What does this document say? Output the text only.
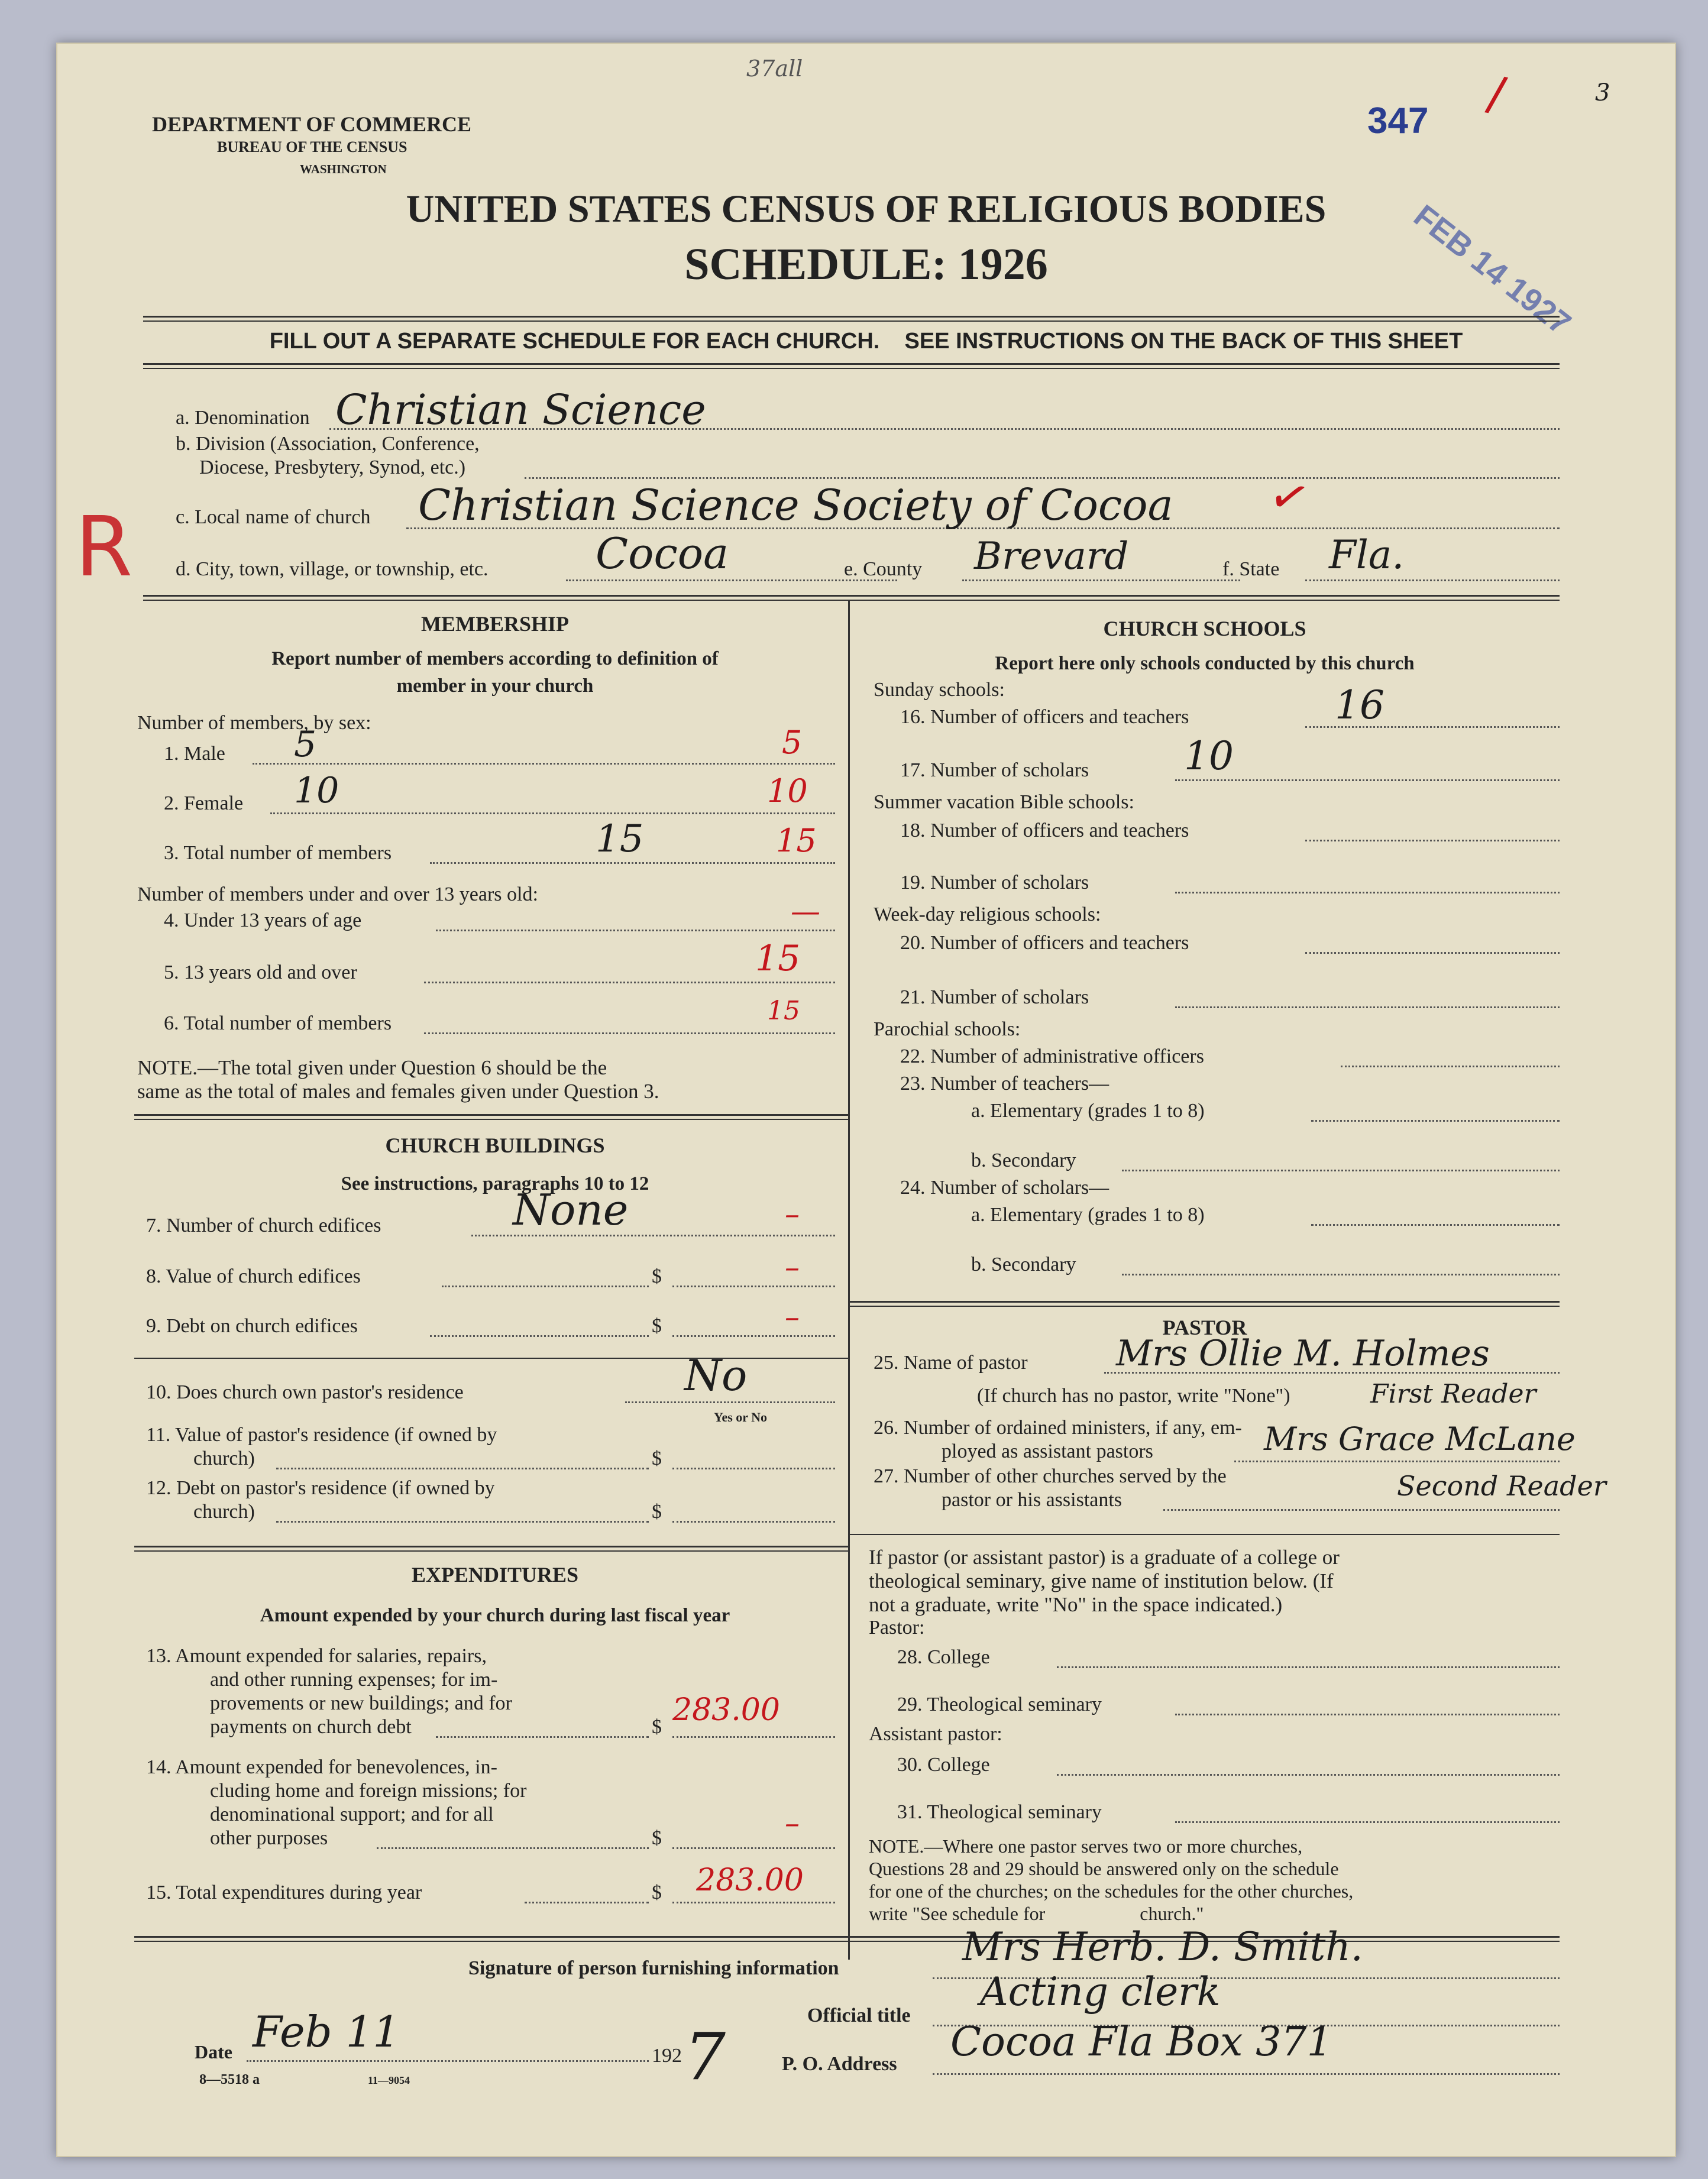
37all
347 /	3
FEB 14 1927
R
DEPARTMENT OF COMMERCE
BUREAU OF THE CENSUS
WASHINGTON
UNITED STATES CENSUS OF RELIGIOUS BODIES
SCHEDULE: 1926
FILL OUT A SEPARATE SCHEDULE FOR EACH CHURCH.    SEE INSTRUCTIONS ON THE BACK OF THIS SHEET
a. Denomination Christian Science
b. Division (Association, Conference,
Diocese, Presbytery, Synod, etc.)
c. Local name of church Christian Science Society of Cocoa ✓
d. City, town, village, or township, etc.	Cocoa	e. County Brevard	f. State Fla.
MEMBERSHIP
Report number of members according to definition of
member in your church
Number of members, by sex:
1. Male 5	5
2. Female 10	10
3. Total number of members	15	15
Number of members under and over 13 years old:
4. Under 13 years of age	—
5. 13 years old and over	15
6. Total number of members	15
NOTE.—The total given under Question 6 should be the
same as the total of males and females given under Question 3.
CHURCH BUILDINGS
See instructions, paragraphs 10 to 12
7. Number of church edifices	None	–
8. Value of church edifices	$	–
9. Debt on church edifices	$	–
10. Does church own pastor's residence	No
Yes or No
11. Value of pastor's residence (if owned by
church)	$
12. Debt on pastor's residence (if owned by
church)	$
EXPENDITURES
Amount expended by your church during last fiscal year
13. Amount expended for salaries, repairs,
and other running expenses; for im-
provements or new buildings; and for
payments on church debt	$ 283.00
14. Amount expended for benevolences, in-
cluding home and foreign missions; for
denominational support; and for all
other purposes	$	–
15. Total expenditures during year	$ 283.00
CHURCH SCHOOLS
Report here only schools conducted by this church
Sunday schools:
16. Number of officers and teachers	16
17. Number of scholars 10
Summer vacation Bible schools:
18. Number of officers and teachers
19. Number of scholars
Week-day religious schools:
20. Number of officers and teachers
21. Number of scholars
Parochial schools:
22. Number of administrative officers
23. Number of teachers—
a. Elementary (grades 1 to 8)
b. Secondary
24. Number of scholars—
a. Elementary (grades 1 to 8)
b. Secondary
PASTOR
25. Name of pastor Mrs Ollie M. Holmes
(If church has no pastor, write "None")	First Reader
26. Number of ordained ministers, if any, em-
ployed as assistant pastors	Mrs Grace McLane
27. Number of other churches served by the
pastor or his assistants	Second Reader
If pastor (or assistant pastor) is a graduate of a college or
theological seminary, give name of institution below. (If
not a graduate, write "No" in the space indicated.)
Pastor:
28. College
29. Theological seminary
Assistant pastor:
30. College
31. Theological seminary
NOTE.—Where one pastor serves two or more churches,
Questions 28 and 29 should be answered only on the schedule
for one of the churches; on the schedules for the other churches,
write "See schedule for                    church."
Signature of person furnishing information	Mrs Herb. D. Smith.
Official title
Acting clerk
Date Feb 11	192 7	P. O. Address Cocoa Fla Box 371
8—5518 a	11—9054
